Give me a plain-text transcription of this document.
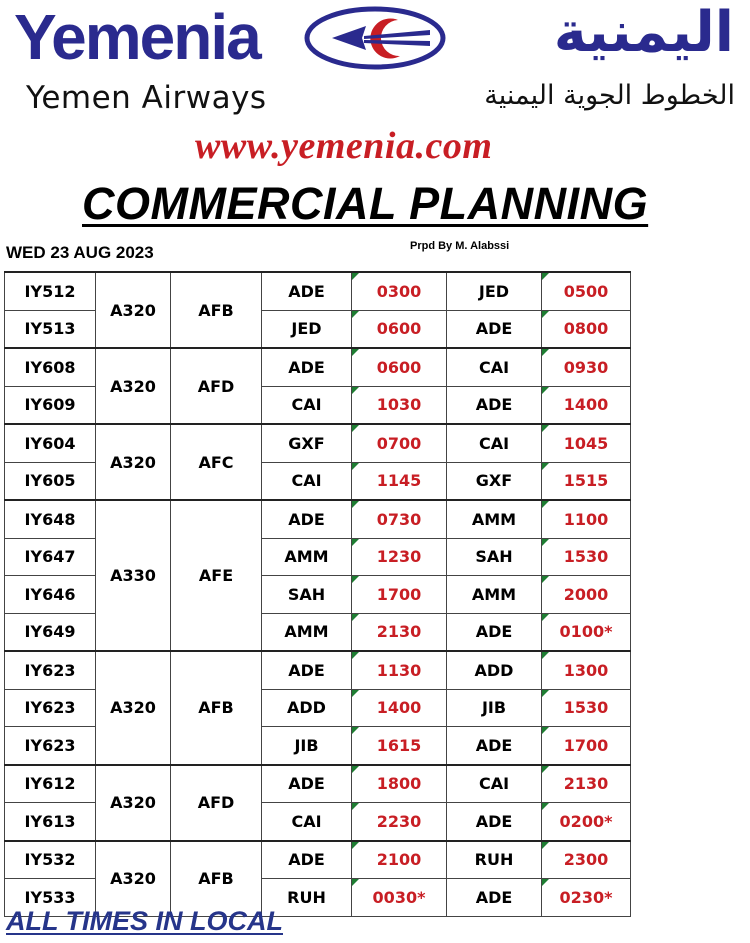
Yemenia	اليمنية
Yemen Airways	الخطوط الجوية اليمنية
www.yemenia.com
COMMERCIAL PLANNING
WED 23 AUG 2023	Prpd By M. Alabssi
IY512	A320	AFB	ADE	0300	JED	0500
IY513			JED	0600	ADE	0800
IY608	A320	AFD	ADE	0600	CAI	0930
IY609			CAI	1030	ADE	1400
IY604	A320	AFC	GXF	0700	CAI	1045
IY605			CAI	1145	GXF	1515
IY648	A330	AFE	ADE	0730	AMM	1100
IY647			AMM	1230	SAH	1530
IY646			SAH	1700	AMM	2000
IY649			AMM	2130	ADE	0100*
IY623	A320	AFB	ADE	1130	ADD	1300
IY623			ADD	1400	JIB	1530
IY623			JIB	1615	ADE	1700
IY612	A320	AFD	ADE	1800	CAI	2130
IY613			CAI	2230	ADE	0200*
IY532	A320	AFB	ADE	2100	RUH	2300
IY533			RUH	0030*	ADE	0230*
ALL TIMES IN LOCAL
